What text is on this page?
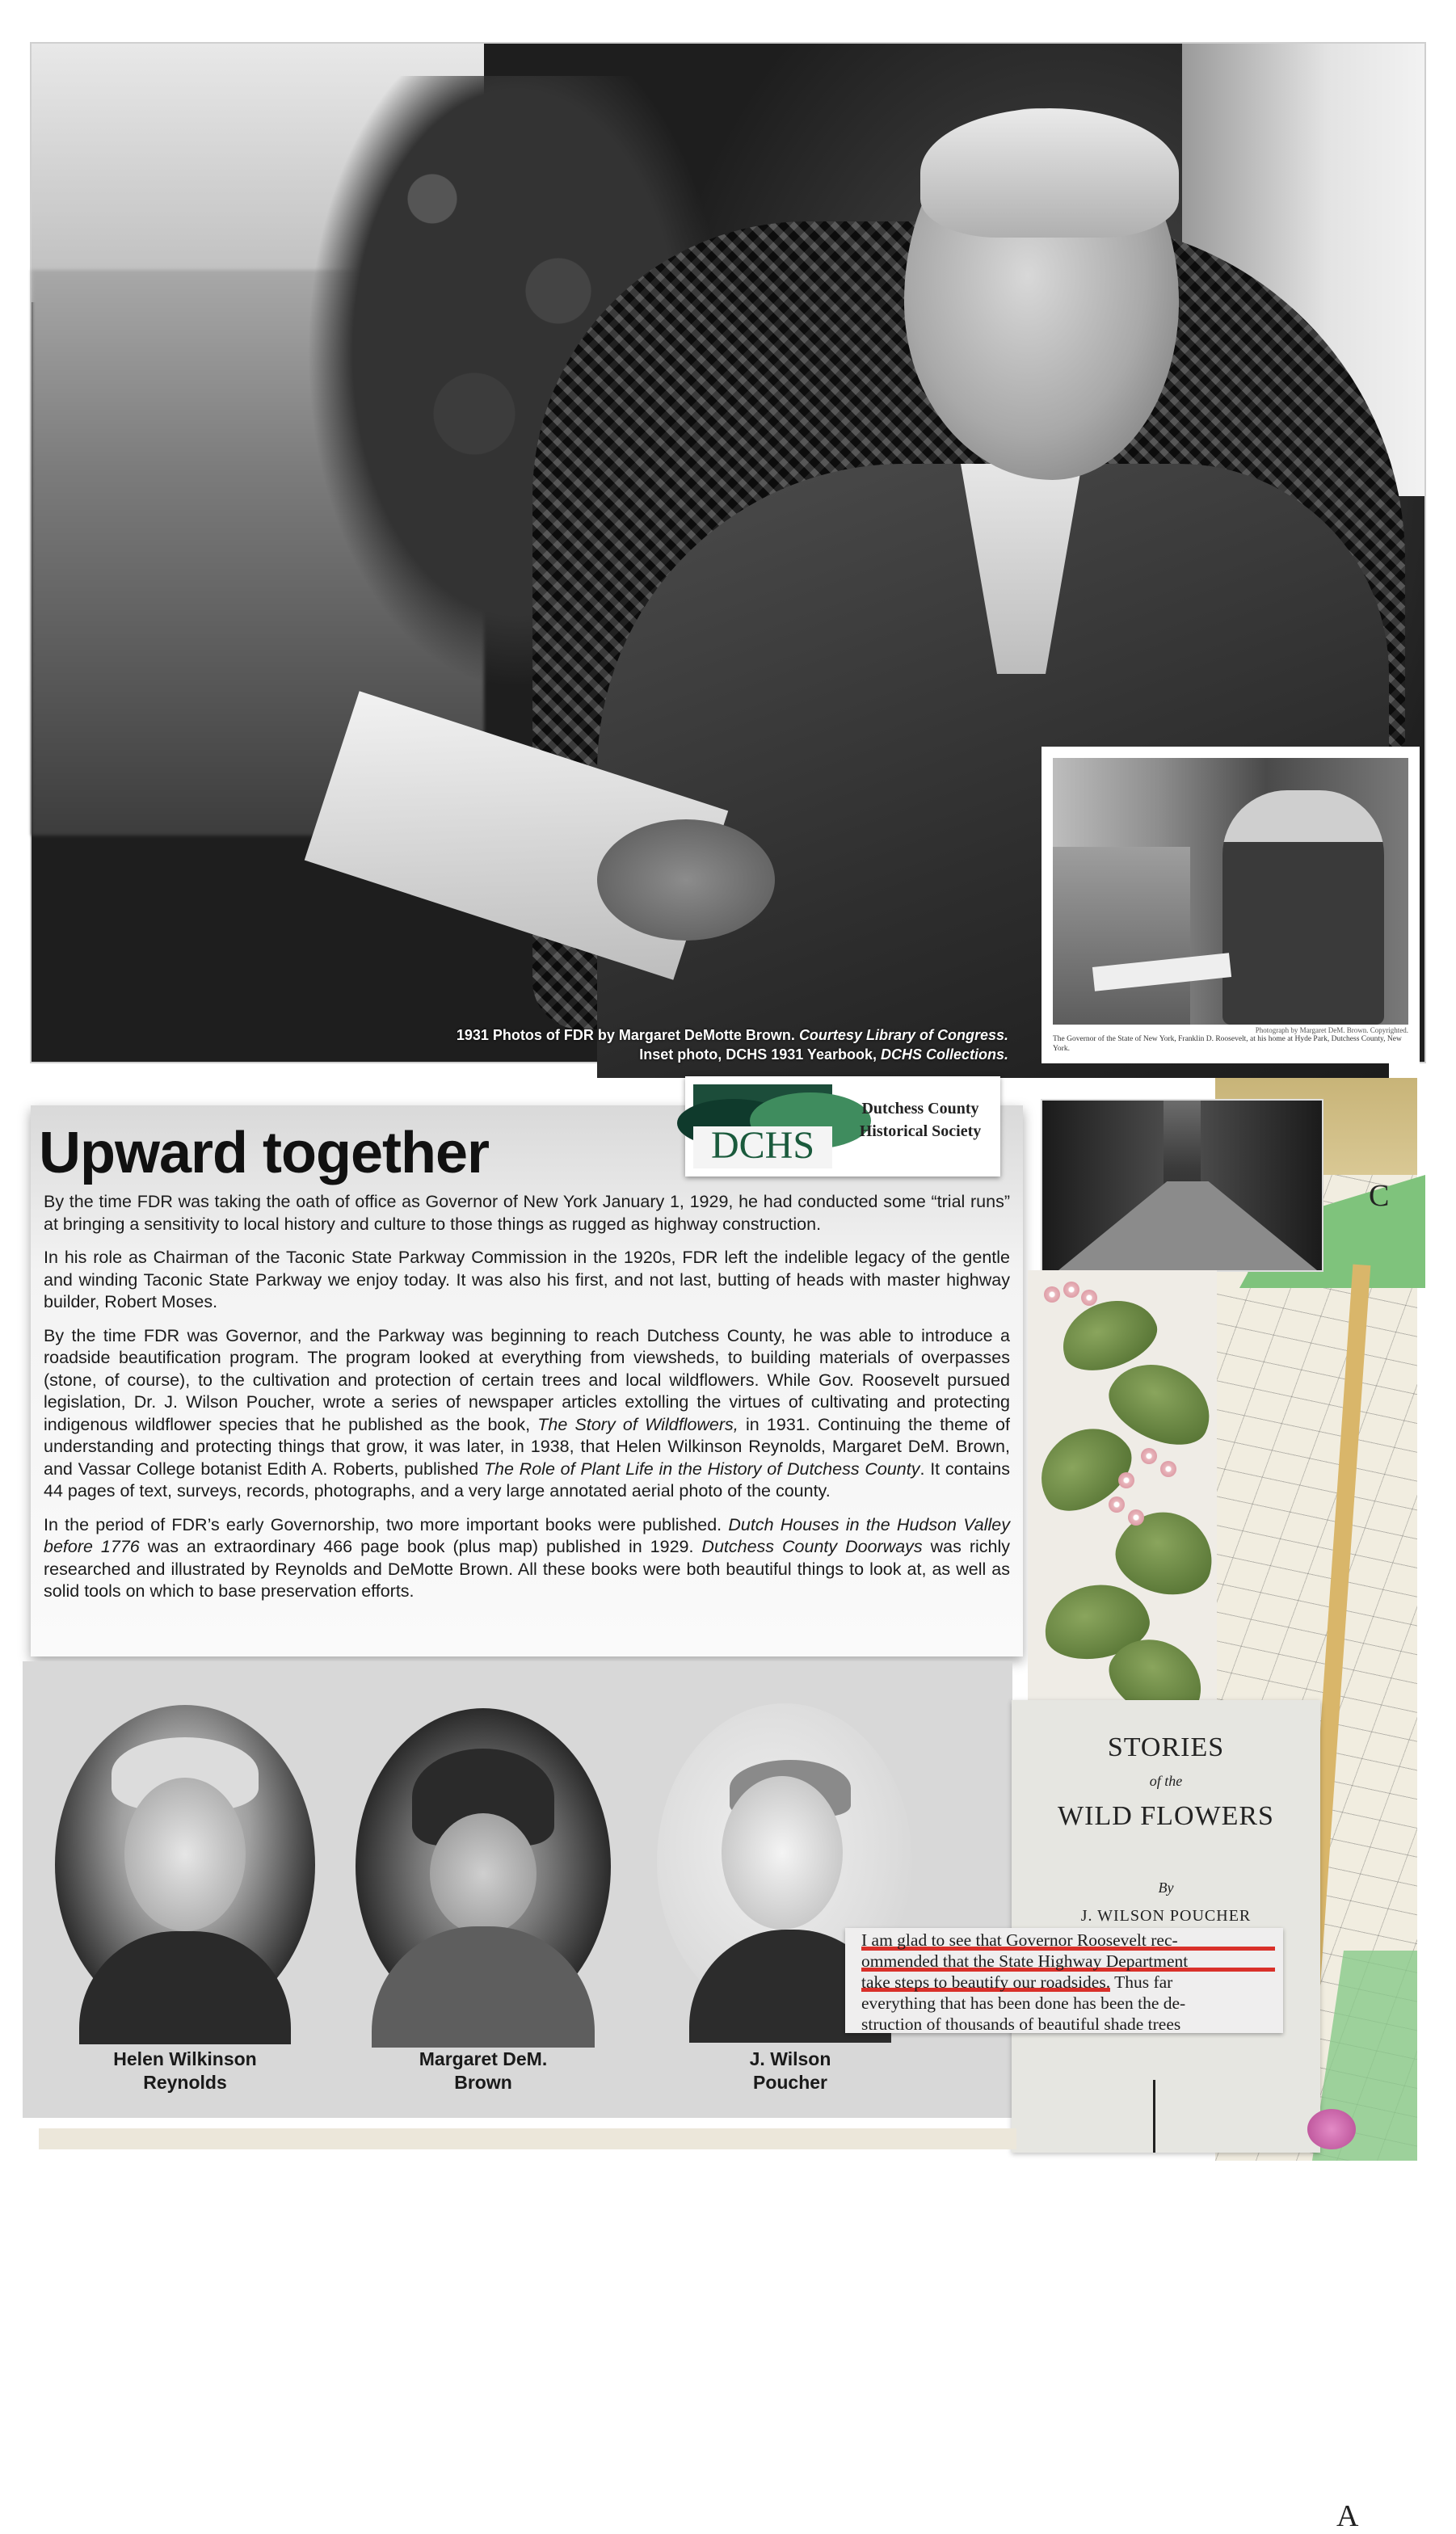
Photograph by Margaret DeM. Brown. Copyrighted.
The Governor of the State of New York, Franklin D. Roosevelt, at his home at Hyde Park, Dutchess County, New York.
1931 Photos of FDR by Margaret DeMotte Brown. Courtesy Library of Congress.
Inset photo, DCHS 1931 Yearbook, DCHS Collections.
Upward together	DCHS
Dutchess County
Historical Society

By the time FDR was taking the oath of office as Governor of New York January 1, 1929, he had conducted some “trial runs” at bringing a sensitivity to local history and culture to those things as rugged as highway construction.

In his role as Chairman of the Taconic State Parkway Commission in the 1920s, FDR left the indelible legacy of the gentle and winding Taconic State Parkway we enjoy today. It was also his first, and not last, butting of heads with master highway builder, Robert Moses.

By the time FDR was Governor, and the Parkway was beginning to reach Dutchess County, he was able to introduce a roadside beautification program. The program looked at everything from viewsheds, to building materials of overpasses (stone, of course), to the cultivation and protection of certain trees and local wildflowers. While Gov. Roosevelt pursued legislation, Dr. J. Wilson Poucher, wrote a series of newspaper articles extolling the virtues of cultivating and protecting indigenous wildflower species that he published as the book, The Story of Wildflowers, in 1931. Continuing the theme of understanding and protecting things that grow, it was later, in 1938, that Helen Wilkinson Reynolds, Margaret DeM. Brown, and Vassar College botanist Edith A. Roberts, published The Role of Plant Life in the History of Dutchess County. It contains 44 pages of text, surveys, records, photographs, and a very large annotated aerial photo of the county.

In the period of FDR’s early Governorship, two more important books were published. Dutch Houses in the Hudson Valley before 1776 was an extraordinary 466 page book (plus map) published in 1929. Dutchess County Doorways was richly researched and illustrated by Reynolds and DeMotte Brown. All these books were both beautiful things to look at, as well as solid tools on which to base preservation efforts.

C
A
Helen Wilkinson
Reynolds
Margaret DeM.
Brown
J. Wilson
Poucher
STORIES
of the
WILD FLOWERS
By
J. WILSON POUCHER
I am glad to see that Governor Roosevelt rec-
ommended that the State Highway Department
take steps to beautify our roadsides. Thus far
everything that has been done has been the de-
struction of thousands of beautiful shade trees
